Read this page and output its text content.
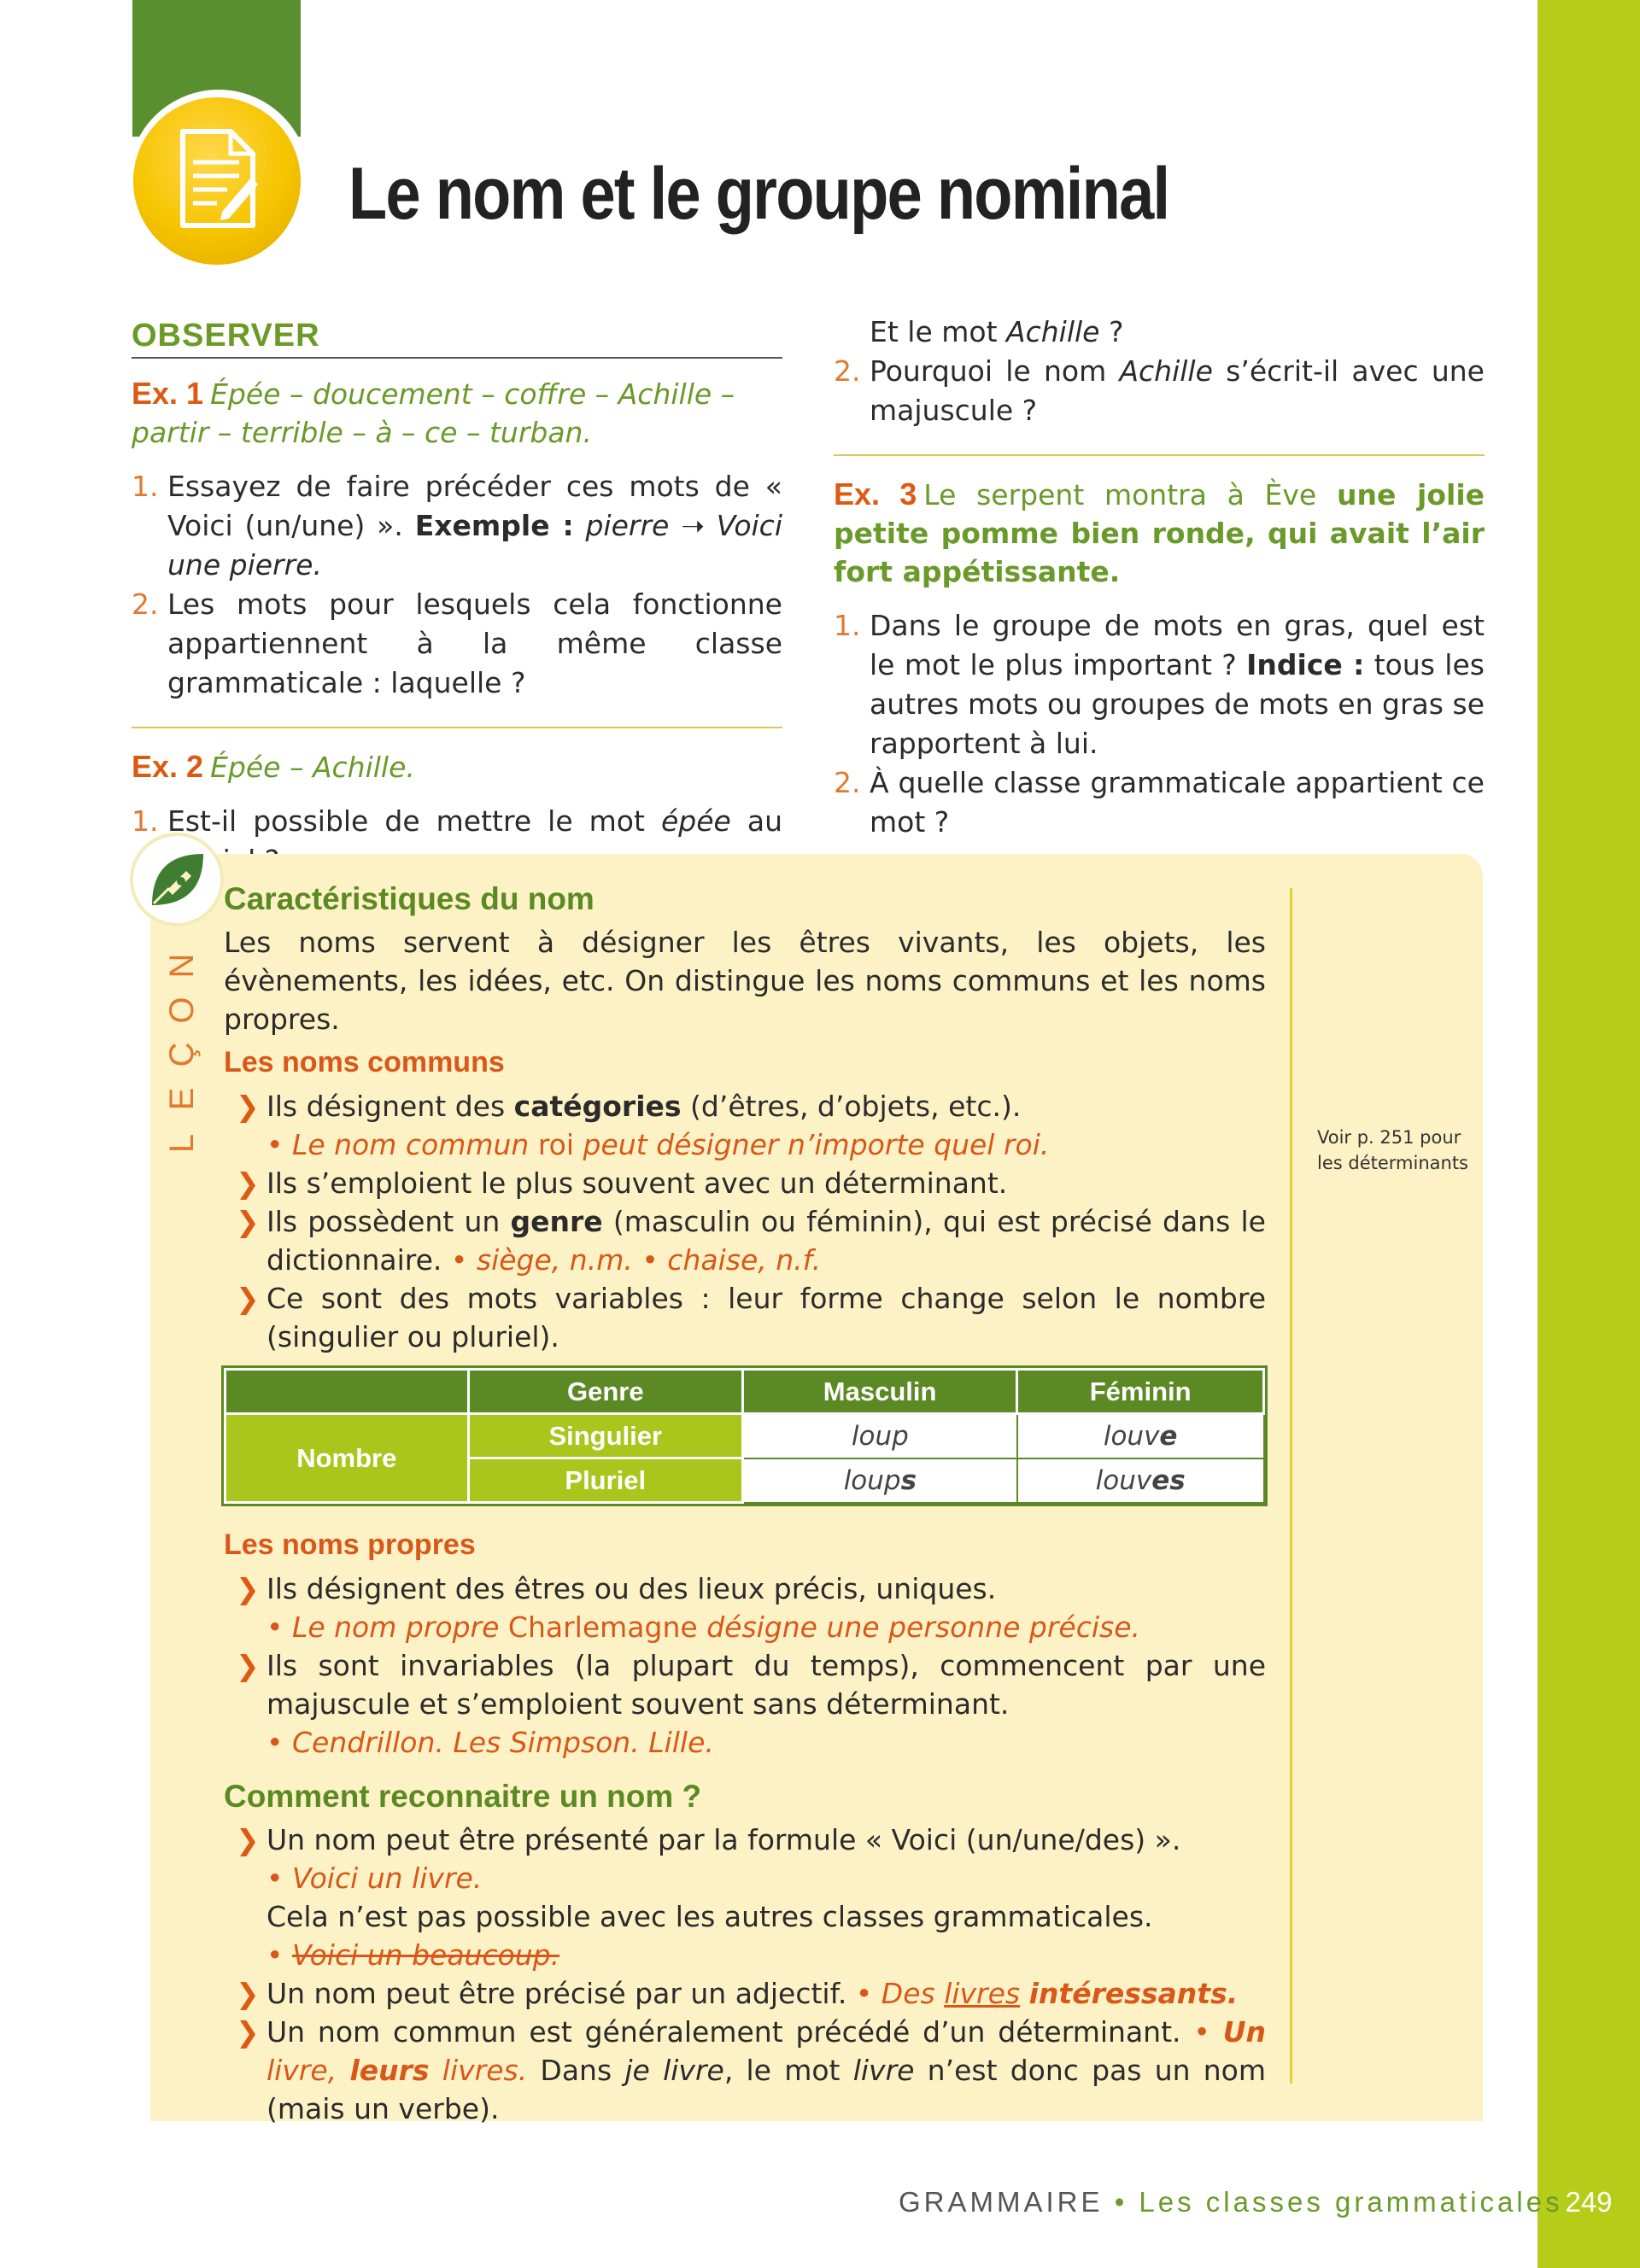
Le nom et le groupe nominal
OBSERVER
Ex. 1 Épée – doucement – coffre – Achille – partir – terrible – à – ce – turban.
1. Essayez de faire précéder ces mots de « Voici (un/une) ». Exemple : pierre ➝ Voici une pierre.
2. Les mots pour lesquels cela fonctionne appartiennent à la même classe grammaticale : laquelle ?
Ex. 2 Épée – Achille.
1. Est-il possible de mettre le mot épée au
Et le mot Achille ?
2. Pourquoi le nom Achille s’écrit-il avec une majuscule ?
Ex. 3 Le serpent montra à Ève une jolie petite pomme bien ronde, qui avait l’air fort appétissante.
1. Dans le groupe de mots en gras, quel est le mot le plus important ? Indice : tous les autres mots ou groupes de mots en gras se rapportent à lui.
2. À quelle classe grammaticale appartient ce mot ?
N
O
Ç
E
L	Voir p. 251 pour les déterminants
Caractéristiques du nom

Les noms servent à désigner les êtres vivants, les objets, les évènements, les idées, etc. On distingue les noms communs et les noms propres.

Les noms communs
❯ Ils désignent des catégories (d’êtres, d’objets, etc.).
• Le nom commun roi peut désigner n’importe quel roi.
❯ Ils s’emploient le plus souvent avec un déterminant.
❯ Ils possèdent un genre (masculin ou féminin), qui est précisé dans le dictionnaire. • siège, n.m. • chaise, n.f.
❯ Ce sont des mots variables : leur forme change selon le nombre (singulier ou pluriel).
	Genre	Masculin	Féminin
Nombre	Singulier	loup	louve
	Pluriel	loups	louves
Les noms propres
❯ Ils désignent des êtres ou des lieux précis, uniques.
• Le nom propre Charlemagne désigne une personne précise.
❯ Ils sont invariables (la plupart du temps), commencent par une majuscule et s’emploient souvent sans déterminant.
• Cendrillon. Les Simpson. Lille.
Comment reconnaitre un nom ?
❯ Un nom peut être présenté par la formule « Voici (un/une/des) ».
• Voici un livre.
Cela n’est pas possible avec les autres classes grammaticales.
• Voici un beaucoup.
❯ Un nom peut être précisé par un adjectif. • Des livres intéressants.
❯ Un nom commun est généralement précédé d’un déterminant. • Un livre, leurs livres. Dans je livre, le mot livre n’est donc pas un nom (mais un verbe).
GRAMMAIRE • Les classes grammaticales 249
